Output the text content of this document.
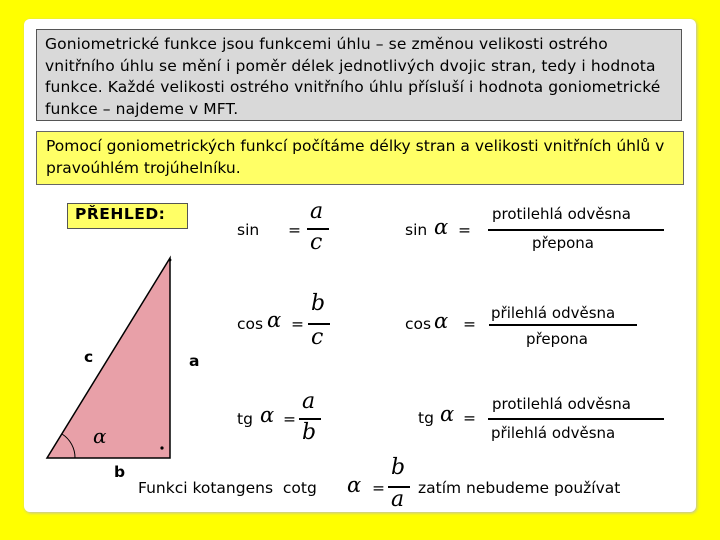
Goniometrické funkce jsou funkcemi úhlu – se změnou velikosti ostrého vnitřního úhlu se mění i poměr délek jednotlivých dvojic stran, tedy i hodnota funkce. Každé velikosti ostrého vnitřního úhlu přísluší i hodnota goniometrické funkce – najdeme v MFT.
Pomocí goniometrických funkcí počítáme délky stran a velikosti vnitřních úhlů v pravoúhlém trojúhelníku.
PŘEHLED:
c	a
b
α
sin =
a
c
cos α =
b
c
tg α =
a
b
sin α =
protilehlá odvěsna
přepona
cos α =
přilehlá odvěsna
přepona
tg α =
protilehlá odvěsna
přilehlá odvěsna
Funkci kotangens  cotg α =
b
a zatím nebudeme používat
